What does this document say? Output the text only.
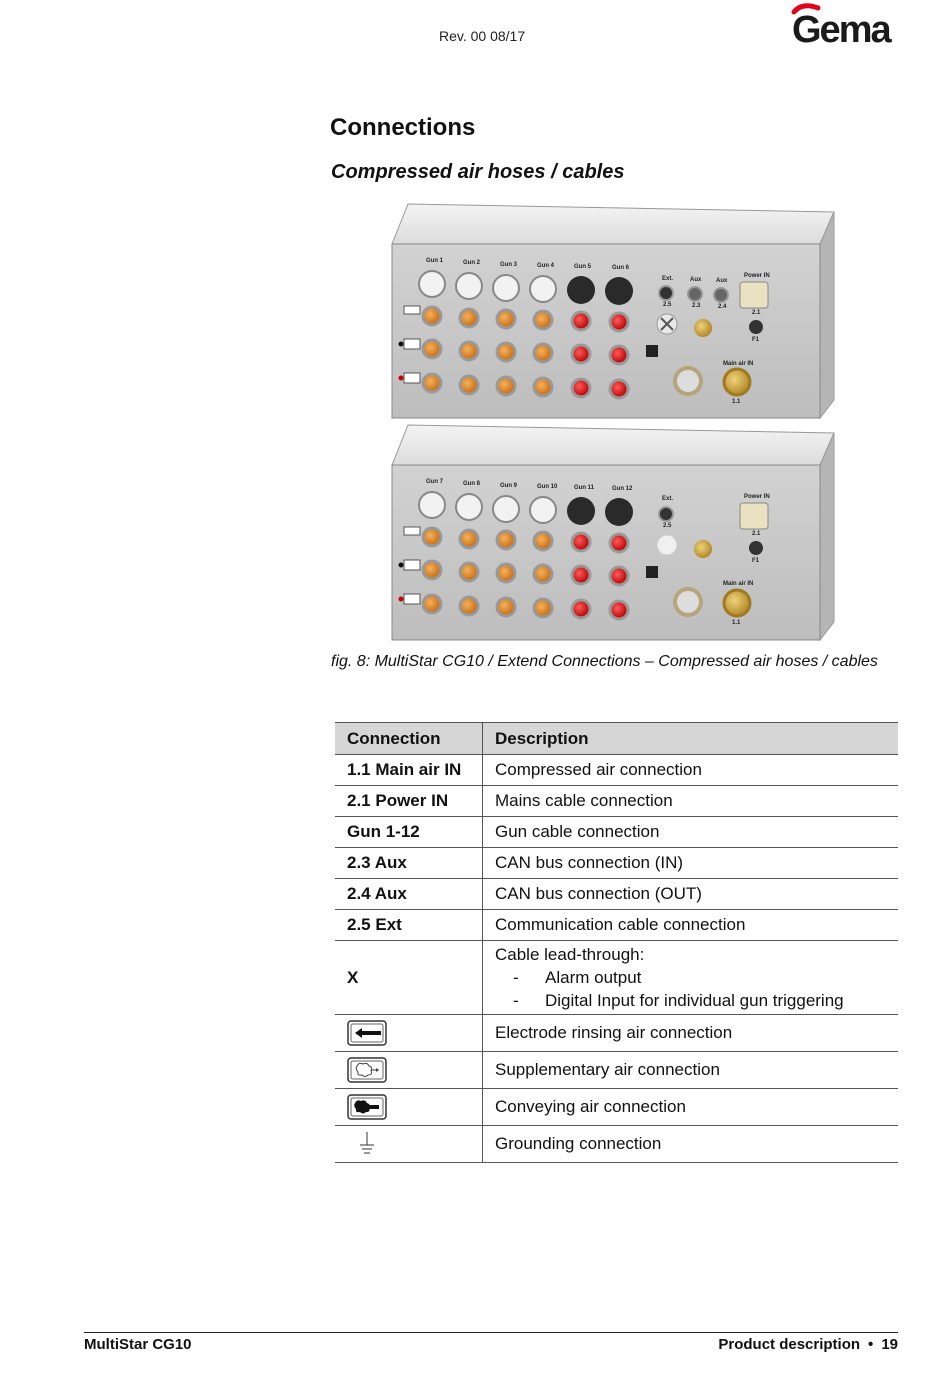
Rev. 00 08/17	Gema
Connections
Compressed air hoses / cables
Gun 1	Gun 2	Gun 3	Gun 4	Gun 5	Gun 6
Ext.	Aux Aux
Power IN
2.5	2.3	2.4
2.1
F1
Main air IN
1.1
Gun 7	Gun 8	Gun 9	Gun 10	Gun 11	Gun 12
Ext.	Power IN
2.5
2.1
F1
Main air IN
1.1
fig. 8: MultiStar CG10 / Extend Connections – Compressed air hoses / cables
Connection	Description
1.1 Main air IN	Compressed air connection
2.1 Power IN	Mains cable connection
Gun 1-12	Gun cable connection
2.3 Aux	CAN bus connection (IN)
2.4 Aux	CAN bus connection (OUT)
2.5 Ext	Communication cable connection
X	Cable lead-through:
- Alarm output
- Digital Input for individual gun triggering

	Electrode rinsing air connection

	Supplementary air connection

	Conveying air connection

	Grounding connection
MultiStar CG10	Product description • 19
